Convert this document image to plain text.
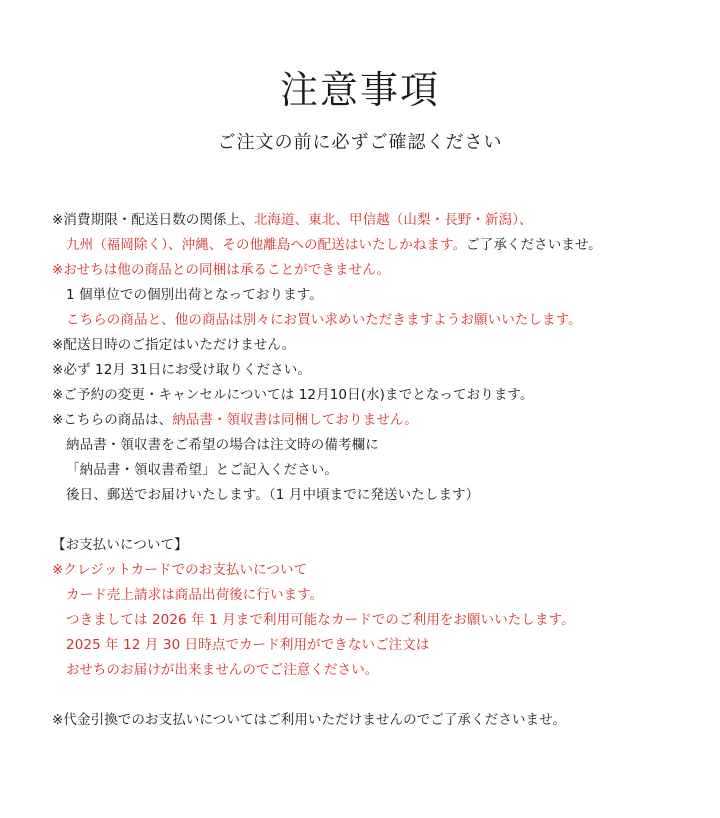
注意事項
ご注文の前に必ずご確認ください
※消費期限・配送日数の関係上、北海道、東北、甲信越（山梨・長野・新潟）、
九州（福岡除く）、沖縄、その他離島への配送はいたしかねます。ご了承くださいませ。
※おせちは他の商品との同梱は承ることができません。
1 個単位での個別出荷となっております。
こちらの商品と、他の商品は別々にお買い求めいただきますようお願いいたします。
※配送日時のご指定はいただけません。
※必ず 12月 31日にお受け取りください。
※ご予約の変更・キャンセルについては 12月10日(水)までとなっております。
※こちらの商品は、納品書・領収書は同梱しておりません。
納品書・領収書をご希望の場合は注文時の備考欄に
「納品書・領収書希望」とご記入ください。
後日、郵送でお届けいたします。（1 月中頃までに発送いたします）
【お支払いについて】
※クレジットカードでのお支払いについて
カード売上請求は商品出荷後に行います。
つきましては 2026 年 1 月まで利用可能なカードでのご利用をお願いいたします。
2025 年 12 月 30 日時点でカード利用ができないご注文は
おせちのお届けが出来ませんのでご注意ください。
※代金引換でのお支払いについてはご利用いただけませんのでご了承くださいませ。
